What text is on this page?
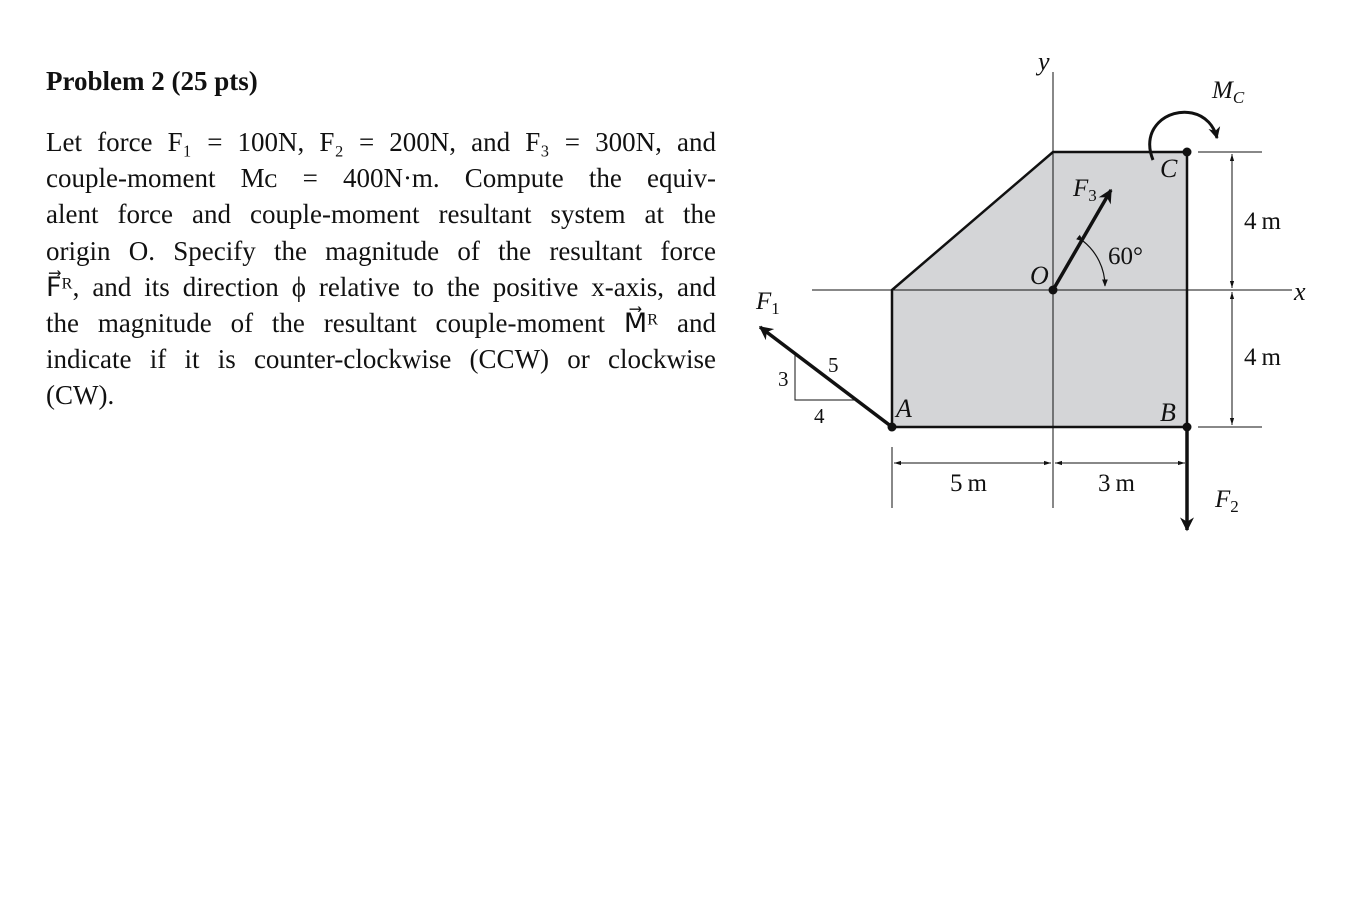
Problem 2 (25 pts)
Let force F₁ = 100N, F₂ = 200N, and F₃ = 300N, and
couple-moment Mᴄ = 400N·m. Compute the equiv-
alent force and couple-moment resultant system at the
origin O. Specify the magnitude of the resultant force
F⃗ᴿ, and its direction ϕ relative to the positive x-axis, and
the magnitude of the resultant couple-moment M⃗ᴿ and
indicate if it is counter-clockwise (CCW) or clockwise
(CW).
y
x
O
A	B
C
$F_3$
60°
$F_2$
$F_1$
3
4
5
$M_C$
4 m
4 m
5 m	3 m
